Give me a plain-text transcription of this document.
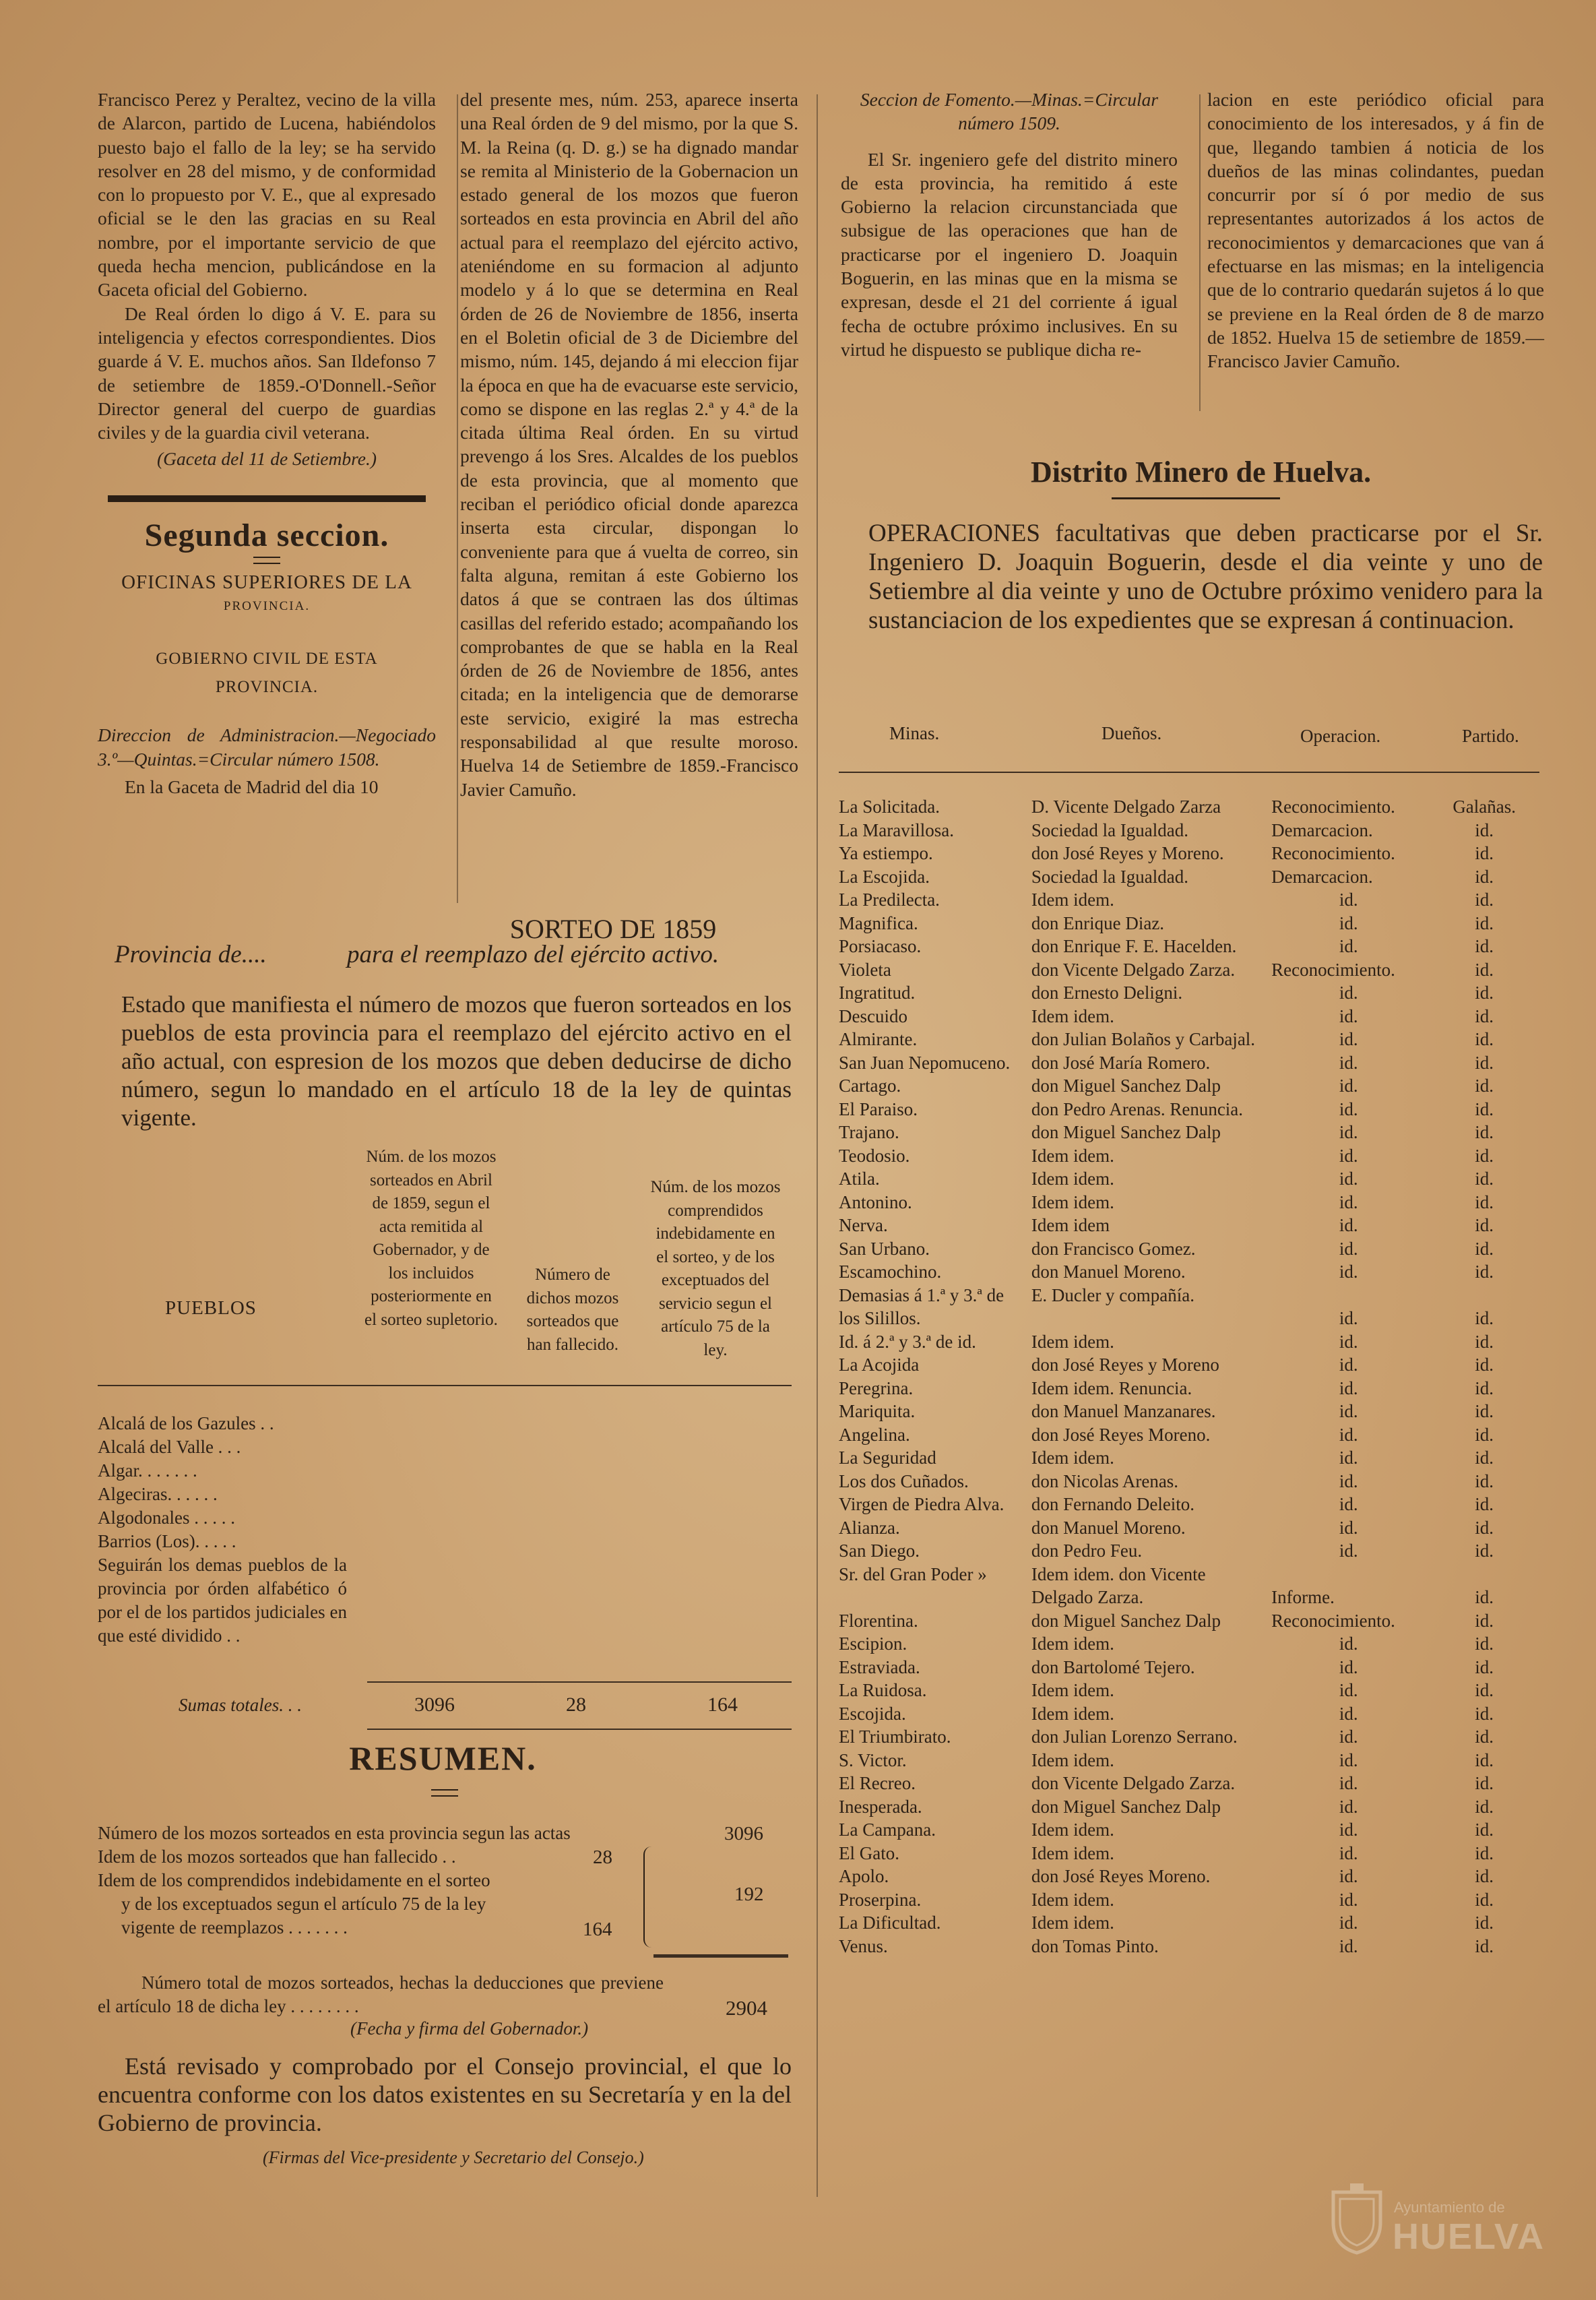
Francisco Perez y Peraltez, vecino de la villa de Alarcon, partido de Lucena, habiéndolos puesto bajo el fallo de la ley; se ha servido resolver en 28 del mismo, y de conformidad con lo propuesto por V. E., que al expresado oficial se le den las gracias en su Real nombre, por el importante servicio de que queda hecha mencion, publicándose en la Gaceta oficial del Gobierno.

De Real órden lo digo á V. E. para su inteligencia y efectos correspondientes. Dios guarde á V. E. muchos años. San Ildefonso 7 de setiembre de 1859.-O'Donnell.-Señor Director general del cuerpo de guardias civiles y de la guardia civil veterana.

(Gaceta del 11 de Setiembre.)

Segunda seccion.

OFICINAS SUPERIORES DE LA

PROVINCIA.

GOBIERNO CIVIL DE ESTA PROVINCIA.

Direccion de Administracion.—Negociado 3.º—Quintas.=Circular número 1508.

En la Gaceta de Madrid del dia 10

del presente mes, núm. 253, aparece inserta una Real órden de 9 del mismo, por la que S. M. la Reina (q. D. g.) se ha dignado mandar se remita al Ministerio de la Gobernacion un estado general de los mozos que fueron sorteados en esta provincia en Abril del año actual para el reemplazo del ejército activo, ateniéndome en su formacion al adjunto modelo y á lo que se determina en Real órden de 26 de Noviembre de 1856, inserta en el Boletin oficial de 3 de Diciembre del mismo, núm. 145, dejando á mi eleccion fijar la época en que ha de evacuarse este servicio, como se dispone en las reglas 2.ª y 4.ª de la citada última Real órden. En su virtud prevengo á los Sres. Alcaldes de los pueblos de esta provincia, que al momento que reciban el periódico oficial donde aparezca inserta esta circular, dispongan lo conveniente para que á vuelta de correo, sin falta alguna, remitan á este Gobierno los datos á que se contraen las dos últimas casillas del referido estado; acompañando los comprobantes de que se habla en la Real órden de 26 de Noviembre de 1856, antes citada; en la inteligencia que de demorarse este servicio, exigiré la mas estrecha responsabilidad al que resulte moroso. Huelva 14 de Setiembre de 1859.-Francisco Javier Camuño.

SORTEO DE 1859
Provincia de....	para el reemplazo del ejército activo.

Estado que manifiesta el número de mozos que fueron sorteados en los pueblos de esta provincia para el reemplazo del ejército activo en el año actual, con espresion de los mozos que deben deducirse de dicho número, segun lo mandado en el artículo 18 de la ley de quintas vigente.

PUEBLOS
Núm. de los mozos sorteados en Abril de 1859, segun el acta remitida al Gobernador, y de los incluidos posteriormente en el sorteo supletorio.
Número de dichos mozos sorteados que han fallecido.
Núm. de los mozos comprendidos indebidamente en el sorteo, y de los exceptuados del servicio segun el artículo 75 de la ley.
Alcalá de los Gazules . .
Alcalá del Valle . . .
Algar. . . . . . .
Algeciras. . . . . .
Algodonales . . . . .
Barrios (Los). . . . .
Seguirán los demas pueblos de la provincia por órden alfabético ó por el de los partidos judiciales en que esté dividido . .
Sumas totales. . .	3096	28	164
RESUMEN.
Número de los mozos sorteados en esta provincia segun las actas	3096
Idem de los mozos sorteados que han fallecido . .	28
Idem de los comprendidos indebidamente en el sorteo
y de los exceptuados segun el artículo 75 de la ley
vigente de reemplazos . . . . . . .	164
192
Número total de mozos sorteados, hechas la deducciones que previene el artículo 18 de dicha ley . . . . . . . .	2904
(Fecha y firma del Gobernador.)
Está revisado y comprobado por el Consejo provincial, el que lo encuentra conforme con los datos existentes en su Secretaría y en la del Gobierno de provincia.
(Firmas del Vice-presidente y Secretario del Consejo.)

Seccion de Fomento.—Minas.=Circular número 1509.

El Sr. ingeniero gefe del distrito minero de esta provincia, ha remitido á este Gobierno la relacion circunstanciada que subsigue de las operaciones que han de practicarse por el ingeniero D. Joaquin Boguerin, en las minas que en la misma se expresan, desde el 21 del corriente á igual fecha de octubre próximo inclusives. En su virtud he dispuesto se publique dicha re-

lacion en este periódico oficial para conocimiento de los interesados, y á fin de que, llegando tambien á noticia de los dueños de las minas colindantes, puedan concurrir por sí ó por medio de sus representantes autorizados á los actos de reconocimientos y demarcaciones que van á efectuarse en las mismas; en la inteligencia que de lo contrario quedarán sujetos á lo que se previene en la Real órden de 8 de marzo de 1852. Huelva 15 de setiembre de 1859.—Francisco Javier Camuño.

Distrito Minero de Huelva.

OPERACIONES facultativas que deben practicarse por el Sr. Ingeniero D. Joaquin Boguerin, desde el dia veinte y uno de Setiembre al dia veinte y uno de Octubre próximo venidero para la sustanciacion de los expedientes que se expresan á continuacion.

Minas.	Dueños.	Operacion.	Partido.
La Solicitada.	D. Vicente Delgado Zarza	Reconocimiento.	Galañas.
La Maravillosa.	Sociedad la Igualdad.	Demarcacion.	id.
Ya estiempo.	don José Reyes y Moreno.	Reconocimiento.	id.
La Escojida.	Sociedad la Igualdad.	Demarcacion.	id.
La Predilecta.	Idem idem.	id.	id.
Magnifica.	don Enrique Diaz.	id.	id.
Porsiacaso.	don Enrique F. E. Hacelden.	id.	id.
Violeta	don Vicente Delgado Zarza.	Reconocimiento.	id.
Ingratitud.	don Ernesto Deligni.	id.	id.
Descuido	Idem idem.	id.	id.
Almirante.	don Julian Bolaños y Carbajal.	id.	id.
San Juan Nepomuceno.	don José María Romero.	id.	id.
Cartago.	don Miguel Sanchez Dalp	id.	id.
El Paraiso.	don Pedro Arenas. Renuncia.	id.	id.
Trajano.	don Miguel Sanchez Dalp	id.	id.
Teodosio.	Idem idem.	id.	id.
Atila.	Idem idem.	id.	id.
Antonino.	Idem idem.	id.	id.
Nerva.	Idem idem	id.	id.
San Urbano.	don Francisco Gomez.	id.	id.
Escamochino.	don Manuel Moreno.	id.	id.
Demasias á 1.ª y 3.ª de los Silillos.	E. Ducler y compañía.	id.	id.
Id. á 2.ª y 3.ª de id.	Idem idem.	id.	id.
La Acojida	don José Reyes y Moreno	id.	id.
Peregrina.	Idem idem. Renuncia.	id.	id.
Mariquita.	don Manuel Manzanares.	id.	id.
Angelina.	don José Reyes Moreno.	id.	id.
La Seguridad	Idem idem.	id.	id.
Los dos Cuñados.	don Nicolas Arenas.	id.	id.
Virgen de Piedra Alva.	don Fernando Deleito.	id.	id.
Alianza.	don Manuel Moreno.	id.	id.
San Diego.	don Pedro Feu.	id.	id.
Sr. del Gran Poder »	Idem idem. don Vicente Delgado Zarza.	Informe.	id.
Florentina.	don Miguel Sanchez Dalp	Reconocimiento.	id.
Escipion.	Idem idem.	id.	id.
Estraviada.	don Bartolomé Tejero.	id.	id.
La Ruidosa.	Idem idem.	id.	id.
Escojida.	Idem idem.	id.	id.
El Triumbirato.	don Julian Lorenzo Serrano.	id.	id.
S. Victor.	Idem idem.	id.	id.
El Recreo.	don Vicente Delgado Zarza.	id.	id.
Inesperada.	don Miguel Sanchez Dalp	id.	id.
La Campana.	Idem idem.	id.	id.
El Gato.	Idem idem.	id.	id.
Apolo.	don José Reyes Moreno.	id.	id.
Proserpina.	Idem idem.	id.	id.
La Dificultad.	Idem idem.	id.	id.
Venus.	don Tomas Pinto.	id.	id.
Ayuntamiento de
HUELVA
